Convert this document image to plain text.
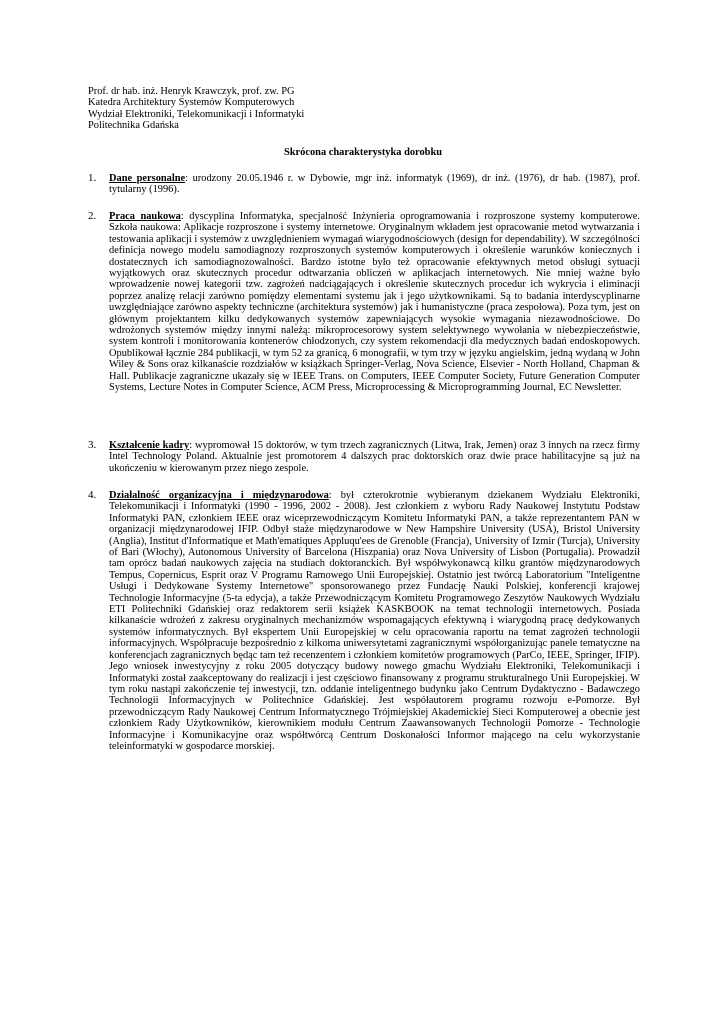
Prof. dr hab. inż. Henryk Krawczyk, prof. zw. PG
Katedra Architektury Systemów Komputerowych
Wydział Elektroniki, Telekomunikacji i Informatyki
Politechnika Gdańska
Skrócona charakterystyka dorobku
1. Dane personalne: urodzony 20.05.1946 r. w Dybowie, mgr inż. informatyk (1969), dr inż. (1976), dr hab. (1987), prof. tytularny (1996).
2. Praca naukowa: dyscyplina Informatyka, specjalność Inżynieria oprogramowania i rozproszone systemy komputerowe. Szkoła naukowa: Aplikacje rozproszone i systemy internetowe. Oryginalnym wkładem jest opracowanie metod wytwarzania i testowania aplikacji i systemów z uwzględnieniem wymagań wiarygodnościowych (design for dependability). W szczególności definicja nowego modelu samodiagnozy rozproszonych systemów komputerowych i określenie warunków koniecznych i dostatecznych ich samodiagnozowalności. Bardzo istotne było też opracowanie efektywnych metod obsługi sytuacji wyjątkowych oraz skutecznych procedur odtwarzania obliczeń w aplikacjach internetowych. Nie mniej ważne było wprowadzenie nowej kategorii tzw. zagrożeń nadciągających i określenie skutecznych procedur ich wykrycia i eliminacji poprzez analizę relacji zarówno pomiędzy elementami systemu jak i jego użytkownikami. Są to badania interdyscyplinarne uwzględniające zarówno aspekty techniczne (architektura systemów) jak i humanistyczne (praca zespołowa). Poza tym, jest on głównym projektantem kilku dedykowanych systemów zapewniających wysokie wymagania niezawodnościowe. Do wdrożonych systemów między innymi należą: mikroprocesorowy system selektywnego wywołania w niebezpieczeństwie, system kontroli i monitorowania kontenerów chłodzonych, czy system rekomendacji dla medycznych badań endoskopowych. Opublikował łącznie 284 publikacji, w tym 52 za granicą, 6 monografii, w tym trzy w języku angielskim, jedną wydaną w John Wiley & Sons oraz kilkanaście rozdziałów w książkach Springer-Verlag, Nova Science, Elsevier - North Holland, Chapman & Hall. Publikacje zagraniczne ukazały się w IEEE Trans. on Computers, IEEE Computer Society, Future Generation Computer Systems, Lecture Notes in Computer Science, ACM Press, Microprocessing & Microprogramming Journal, EC Newsletter.
3. Kształcenie kadry: wypromował 15 doktorów, w tym trzech zagranicznych (Litwa, Irak, Jemen) oraz 3 innych na rzecz firmy Intel Technology Poland. Aktualnie jest promotorem 4 dalszych prac doktorskich oraz dwie prace habilitacyjne są już na ukończeniu w kierowanym przez niego zespole.
4. Działalność organizacyjna i międzynarodowa: był czterokrotnie wybieranym dziekanem Wydziału Elektroniki, Telekomunikacji i Informatyki (1990 - 1996, 2002 - 2008). Jest członkiem z wyboru Rady Naukowej Instytutu Podstaw Informatyki PAN, członkiem IEEE oraz wiceprzewodniczącym Komitetu Informatyki PAN, a także reprezentantem PAN w organizacji międzynarodowej IFIP. Odbył staże międzynarodowe w New Hampshire University (USA), Bristol University (Anglia), Institut d'Informatique et Math'ematiques Appluqu'ees de Grenoble (Francja), University of Izmir (Turcja), University of Bari (Włochy), Autonomous University of Barcelona (Hiszpania) oraz Nova University of Lisbon (Portugalia). Prowadził tam oprócz badań naukowych zajęcia na studiach doktoranckich. Był współwykonawcą kilku grantów międzynarodowych Tempus, Copernicus, Esprit oraz V Programu Ramowego Unii Europejskiej. Ostatnio jest twórcą Laboratorium "Inteligentne Usługi i Dedykowane Systemy Internetowe" sponsorowanego przez Fundację Nauki Polskiej, konferencji krajowej Technologie Informacyjne (5-ta edycja), a także Przewodniczącym Komitetu Programowego Zeszytów Naukowych Wydziału ETI Politechniki Gdańskiej oraz redaktorem serii książek KASKBOOK na temat technologii internetowych. Posiada kilkanaście wdrożeń z zakresu oryginalnych mechanizmów wspomagających efektywną i wiarygodną pracę dedykowanych systemów informatycznych. Był ekspertem Unii Europejskiej w celu opracowania raportu na temat zagrożeń technologii informacyjnych. Współpracuje bezpośrednio z kilkoma uniwersytetami zagranicznymi współorganizując panele tematyczne na konferencjach zagranicznych będąc tam też recenzentem i członkiem komitetów programowych (ParCo, IEEE, Springer, IFIP). Jego wniosek inwestycyjny z roku 2005 dotyczący budowy nowego gmachu Wydziału Elektroniki, Telekomunikacji i Informatyki został zaakceptowany do realizacji i jest częściowo finansowany z programu strukturalnego Unii Europejskiej. W tym roku nastąpi zakończenie tej inwestycji, tzn. oddanie inteligentnego budynku jako Centrum Dydaktyczno - Badawczego Technologii Informacyjnych w Politechnice Gdańskiej. Jest współautorem programu rozwoju e-Pomorze. Był przewodniczącym Rady Naukowej Centrum Informatycznego Trójmiejskiej Akademickiej Sieci Komputerowej a obecnie jest członkiem Rady Użytkowników, kierownikiem modułu Centrum Zaawansowanych Technologii Pomorze - Technologie Informacyjne i Komunikacyjne oraz współtwórcą Centrum Doskonałości Informor mającego na celu wykorzystanie teleinformatyki w gospodarce morskiej.
